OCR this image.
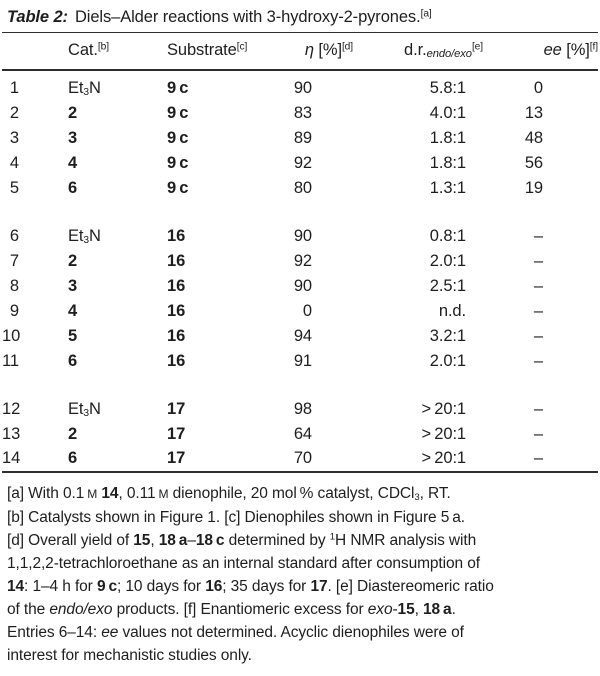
Table 2: Diels–Alder reactions with 3-hydroxy-2-pyrones.[a]
	Cat.[b]	Substrate[c]	η [%][d]	$d.r._{endo/exo}[e]$	ee [%][f]

1	$Et_3N$	9 c	90	5.8:1	0
2	2	9 c	83	4.0:1	13
3	3	9 c	89	1.8:1	48
4	4	9 c	92	1.8:1	56
5	6	9 c	80	1.3:1	19

6	$Et_3N$	16	90	0.8:1	–
7	2	16	92	2.0:1	–
8	3	16	90	2.5:1	–
9	4	16	0	n.d.	–
10	5	16	94	3.2:1	–
11	6	16	91	2.0:1	–

12	$Et_3N$	17	98	> 20:1	–
13	2	17	64	> 20:1	–
14	6	17	70	> 20:1	–
[a] With 0.1 M 14, 0.11 M dienophile, 20 mol % catalyst, CDCl$_3$, RT.
[b] Catalysts shown in Figure 1. [c] Dienophiles shown in Figure 5 a.
[d] Overall yield of 15, 18 a–18 c determined by $^1$H NMR analysis with
1,1,2,2-tetrachloroethane as an internal standard after consumption of
14: 1–4 h for 9 c; 10 days for 16; 35 days for 17. [e] Diastereomeric ratio
of the endo/exo products. [f] Enantiomeric excess for exo-15, 18 a.
Entries 6–14: ee values not determined. Acyclic dienophiles were of
interest for mechanistic studies only.
